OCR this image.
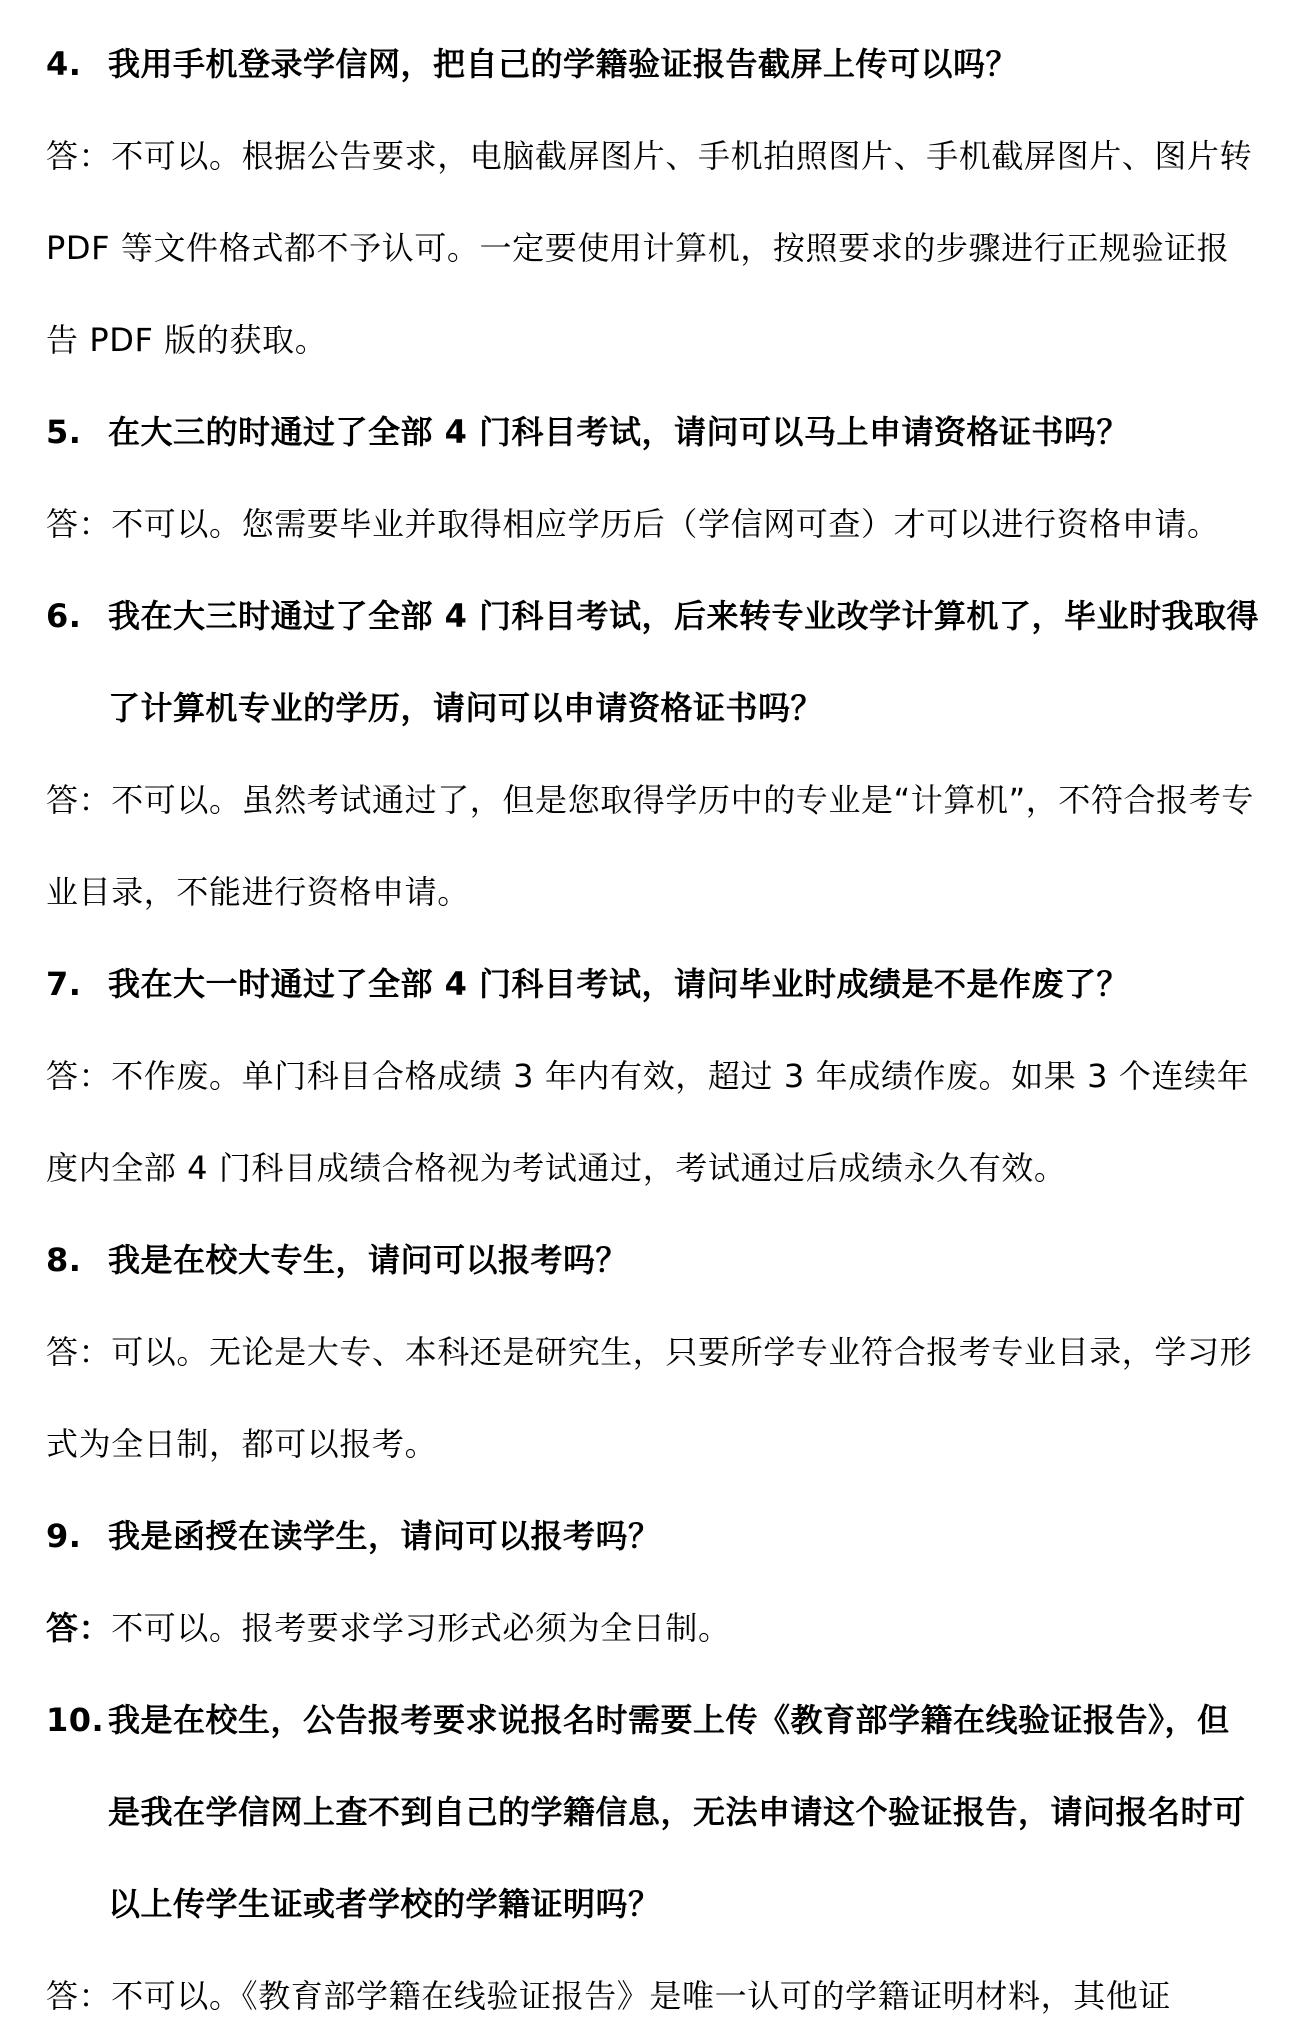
4. 我用手机登录学信网，把自己的学籍验证报告截屏上传可以吗？
答：不可以。根据公告要求，电脑截屏图片、手机拍照图片、手机截屏图片、图片转 PDF 等文件格式都不予认可。一定要使用计算机，按照要求的步骤进行正规验证报告 PDF 版的获取。
5. 在大三的时通过了全部 4 门科目考试，请问可以马上申请资格证书吗？
答：不可以。您需要毕业并取得相应学历后（学信网可查）才可以进行资格申请。
6. 我在大三时通过了全部 4 门科目考试，后来转专业改学计算机了，毕业时我取得了计算机专业的学历，请问可以申请资格证书吗？
答：不可以。虽然考试通过了，但是您取得学历中的专业是“计算机”，不符合报考专业目录，不能进行资格申请。
7. 我在大一时通过了全部 4 门科目考试，请问毕业时成绩是不是作废了？
答：不作废。单门科目合格成绩 3 年内有效，超过 3 年成绩作废。如果 3 个连续年度内全部 4 门科目成绩合格视为考试通过，考试通过后成绩永久有效。
8. 我是在校大专生，请问可以报考吗？
答：可以。无论是大专、本科还是研究生，只要所学专业符合报考专业目录，学习形式为全日制，都可以报考。
9. 我是函授在读学生，请问可以报考吗？
答：不可以。报考要求学习形式必须为全日制。
10. 我是在校生，公告报考要求说报名时需要上传《教育部学籍在线验证报告》，但是我在学信网上查不到自己的学籍信息，无法申请这个验证报告，请问报名时可以上传学生证或者学校的学籍证明吗？
答：不可以。《教育部学籍在线验证报告》是唯一认可的学籍证明材料，其他证
